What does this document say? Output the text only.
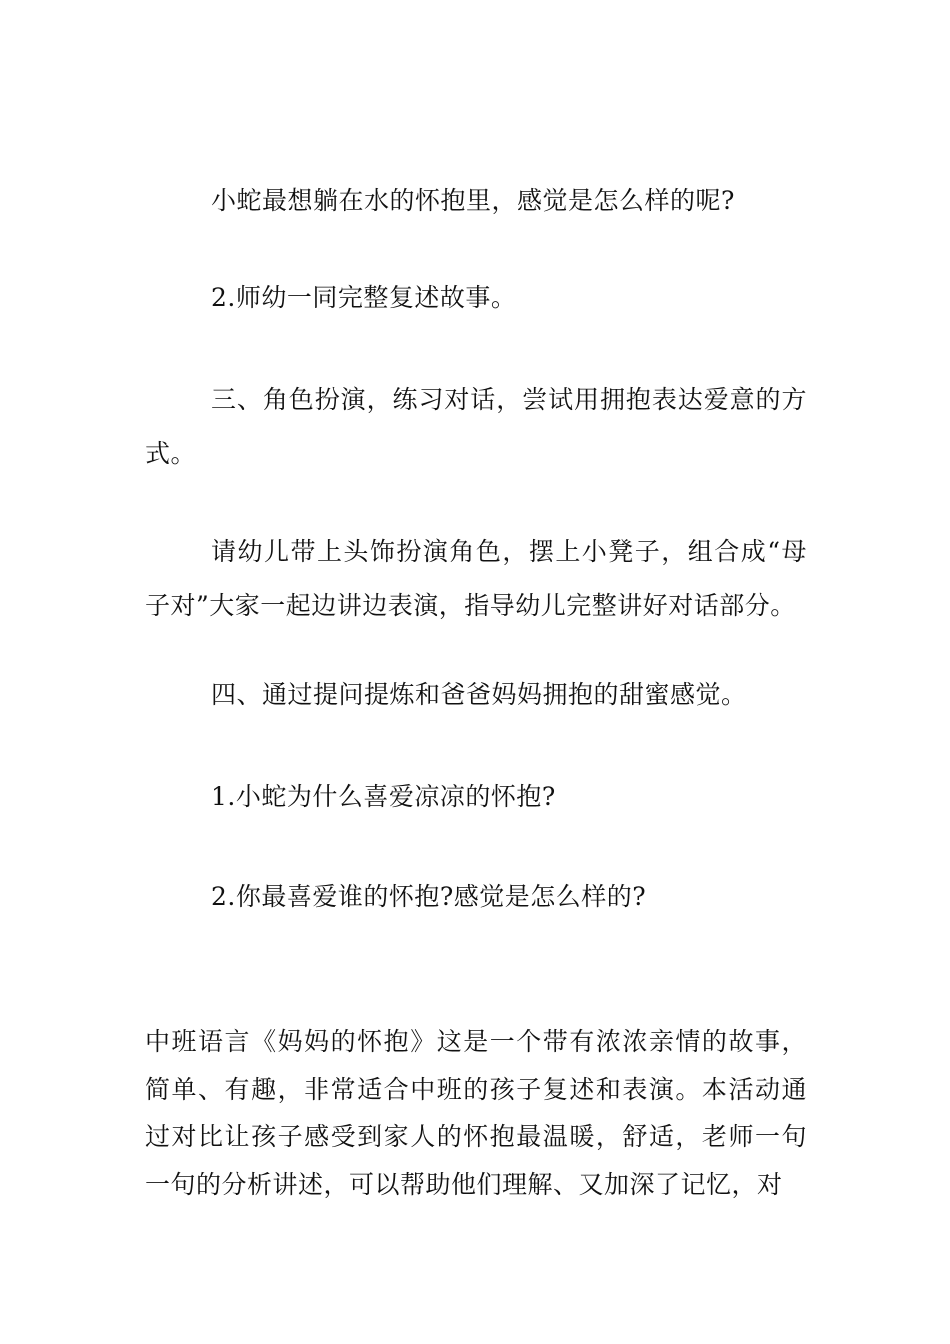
小蛇最想躺在水的怀抱里，感觉是怎么样的呢?

2.师幼一同完整复述故事。

三、角色扮演，练习对话，尝试用拥抱表达爱意的方式。

请幼儿带上头饰扮演角色，摆上小凳子，组合成“母子对”大家一起边讲边表演，指导幼儿完整讲好对话部分。

四、通过提问提炼和爸爸妈妈拥抱的甜蜜感觉。

1.小蛇为什么喜爱凉凉的怀抱?

2.你最喜爱谁的怀抱?感觉是怎么样的?

中班语言《妈妈的怀抱》这是一个带有浓浓亲情的故事，简单、有趣，非常适合中班的孩子复述和表演。本活动通过对比让孩子感受到家人的怀抱最温暖，舒适，老师一句一句的分析讲述，可以帮助他们理解、又加深了记忆，对
